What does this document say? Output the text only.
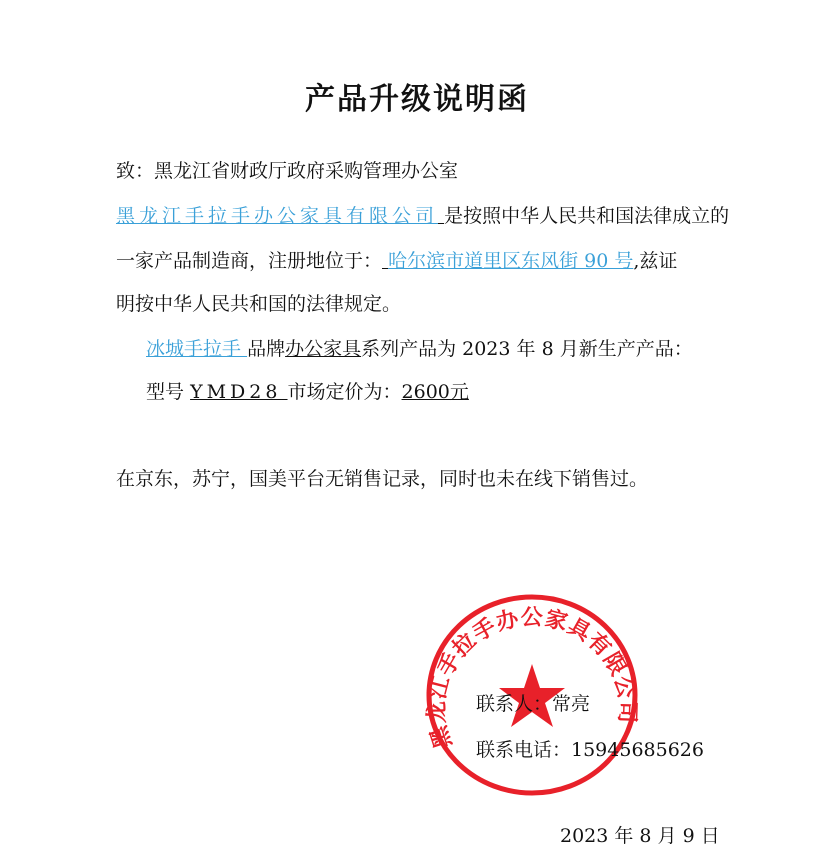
产品升级说明函
致：黑龙江省财政厅政府采购管理办公室
黑龙江手拉手办公家具有限公司 是按照中华人民共和国法律成立的
一家产品制造商，注册地位于： 哈尔滨市道里区东风街 90 号,兹证
明按中华人民共和国的法律规定。
冰城手拉手 品牌办公家具系列产品为 2023 年 8 月新生产产品：
型号 YMD28 市场定价为：2600元
在京东，苏宁，国美平台无销售记录，同时也未在线下销售过。
黑龙江手拉手办公家具有限公司
联系人：常亮
联系电话：15945685626
2023 年 8 月 9 日
